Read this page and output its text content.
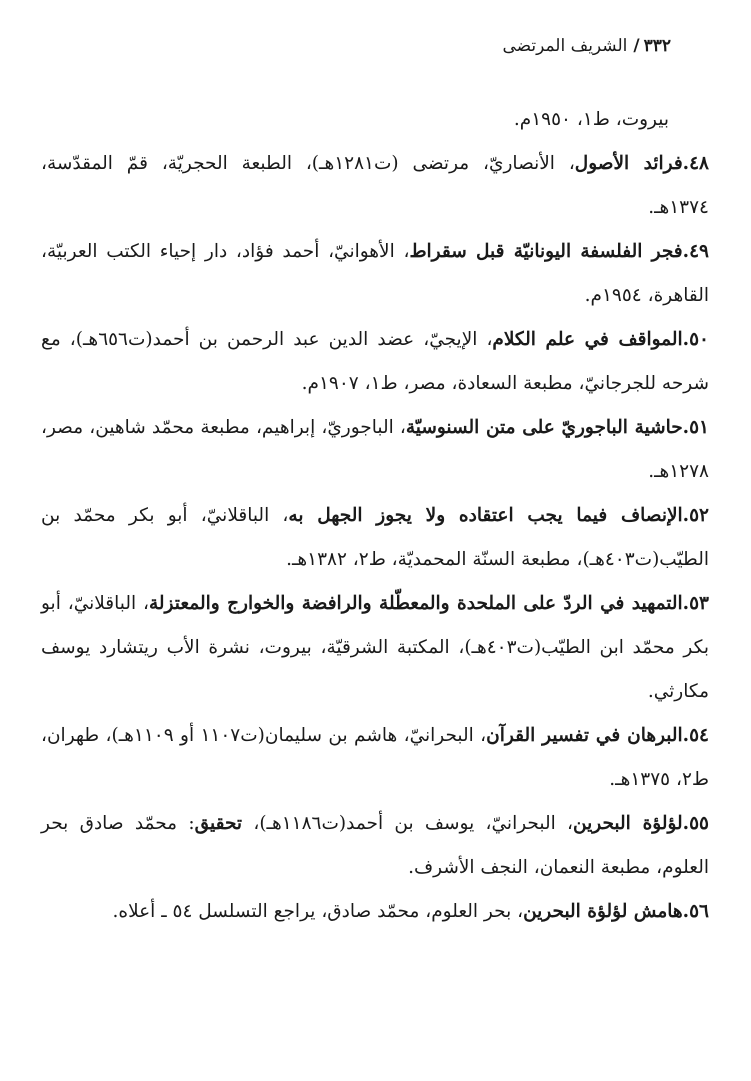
٣٣٢/الشريف المرتضى
بيروت، ط١، ١٩٥٠م.
٤٨.فرائد الأصول، الأنصاريّ، مرتضى (ت١٢٨١هـ)، الطبعة الحجريّة، قمّ المقدّسة، ١٣٧٤هـ.
٤٩.فجر الفلسفة اليونانيّة قبل سقراط، الأهوانيّ، أحمد فؤاد، دار إحياء الكتب العربيّة، القاهرة، ١٩٥٤م.
٥٠.المواقف في علم الكلام، الإيجيّ، عضد الدين عبد الرحمن بن أحمد(ت٦٥٦هـ)، مع شرحه للجرجانيّ، مطبعة السعادة، مصر، ط١، ١٩٠٧م.
٥١.حاشية الباجوريّ على متن السنوسيّة، الباجوريّ، إبراهيم، مطبعة محمّد شاهين، مصر، ١٢٧٨هـ.
٥٢.الإنصاف فيما يجب اعتقاده ولا يجوز الجهل به، الباقلانيّ، أبو بكر محمّد بن الطيّب(ت٤٠٣هـ)، مطبعة السنّة المحمديّة، ط٢، ١٣٨٢هـ.
٥٣.التمهيد في الردّ على الملحدة والمعطّلة والرافضة والخوارج والمعتزلة، الباقلانيّ، أبو بكر محمّد ابن الطيّب(ت٤٠٣هـ)، المكتبة الشرقيّة، بيروت، نشرة الأب ريتشارد يوسف مكارثي.
٥٤.البرهان في تفسير القرآن، البحرانيّ، هاشم بن سليمان(ت١١٠٧ أو ١١٠٩هـ)، طهران، ط٢، ١٣٧٥هـ.
٥٥.لؤلؤة البحرين، البحرانيّ، يوسف بن أحمد(ت١١٨٦هـ)، تحقيق: محمّد صادق بحر العلوم، مطبعة النعمان، النجف الأشرف.
٥٦.هامش لؤلؤة البحرين، بحر العلوم، محمّد صادق، يراجع التسلسل ٥٤ ـ أعلاه.
